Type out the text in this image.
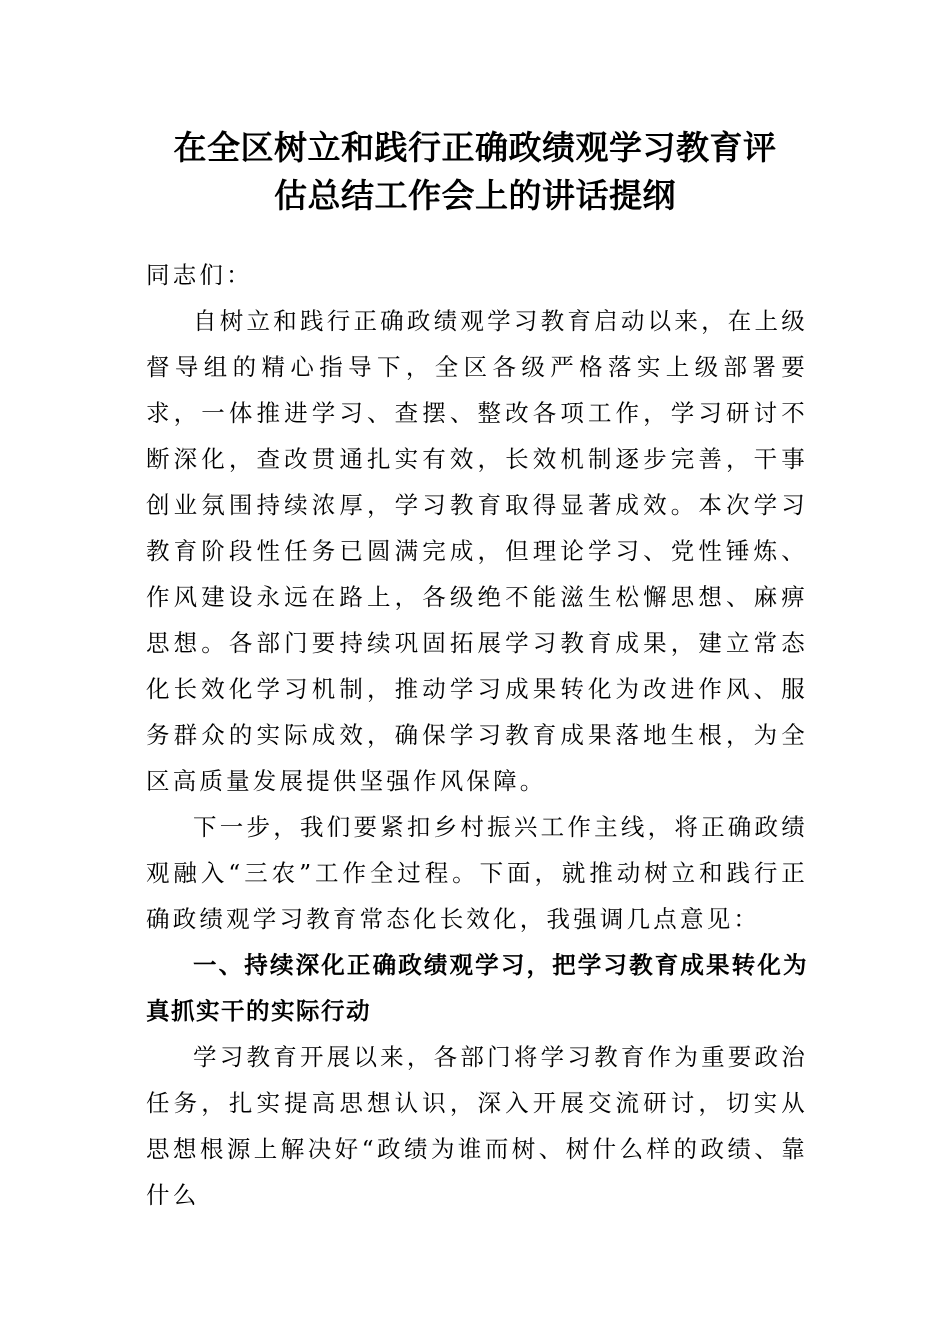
在全区树立和践行正确政绩观学习教育评
估总结工作会上的讲话提纲

同志们：

自树立和践行正确政绩观学习教育启动以来，在上级督导组的精心指导下，全区各级严格落实上级部署要求，一体推进学习、查摆、整改各项工作，学习研讨不断深化，查改贯通扎实有效，长效机制逐步完善，干事创业氛围持续浓厚，学习教育取得显著成效。本次学习教育阶段性任务已圆满完成，但理论学习、党性锤炼、作风建设永远在路上，各级绝不能滋生松懈思想、麻痹思想。各部门要持续巩固拓展学习教育成果，建立常态化长效化学习机制，推动学习成果转化为改进作风、服务群众的实际成效，确保学习教育成果落地生根，为全区高质量发展提供坚强作风保障。

下一步，我们要紧扣乡村振兴工作主线，将正确政绩观融入“三农”工作全过程。下面，就推动树立和践行正确政绩观学习教育常态化长效化，我强调几点意见：

一、持续深化正确政绩观学习，把学习教育成果转化为真抓实干的实际行动

学习教育开展以来，各部门将学习教育作为重要政治任务，扎实提高思想认识，深入开展交流研讨，切实从思想根源上解决好“政绩为谁而树、树什么样的政绩、靠什么
